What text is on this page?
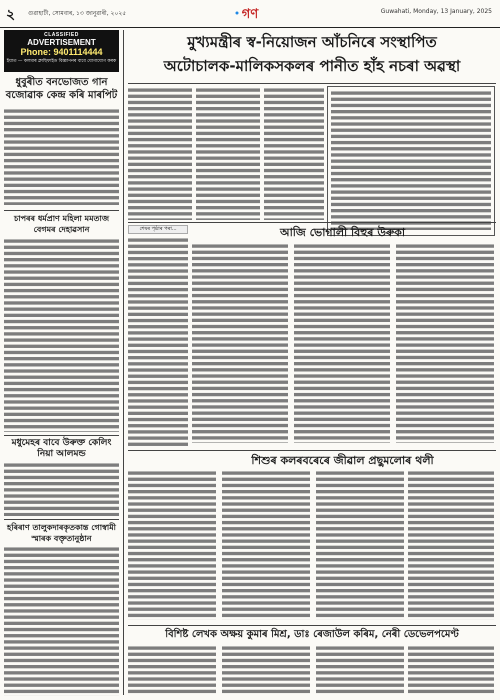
২	গুৱাহাটী, সোমবাৰ, ১৩ জানুৱাৰী, ২০২৫	গণ	Guwahati, Monday, 13 January, 2025
CLASSIFIED
ADVERTISEMENT
Phone: 9401114444
ইয়াত — কলমাৰ ক্লাছিফাইড বিজ্ঞাপনৰ বাবে যোগাযোগ কৰক
ধুবুৰীত বনভোজত গান বজোৱাক কেন্দ্ৰ কৰি মাৰপিট
মুখ্যমন্ত্ৰীৰ স্ব-নিয়োজন আঁচনিৰে সংস্থাপিত
অটোচালক-মালিকসকলৰ পানীত হাঁহ নচৰা অৱস্থা
চাপৰৰ ধৰ্মপ্ৰাণ মহিলা মমতাজ বেগমৰ দেহাৱসান
মধুমেহৰ বাবে উৰুক্ত কেলিং নিয়া আলমন্ড
হৰিৰাণ তালুকদাৰকৃতকান্ত গোস্বামী স্মাৰক বক্তৃতানুষ্ঠান
শেষৰ পৃষ্ঠাৰ পৰা...	আজি ভোগালী বিহুৰ উৰুকা
শিশুৰ কলৰবৰেৰে জীৱাল প্ৰছুমলোৰ থলী
বিশিষ্ট লেখক অক্ষয় কুমাৰ মিশ্ৰ, ডাঃ ৰেজাউল কৰিম, নেৰী ডেভেলপমেণ্ট
